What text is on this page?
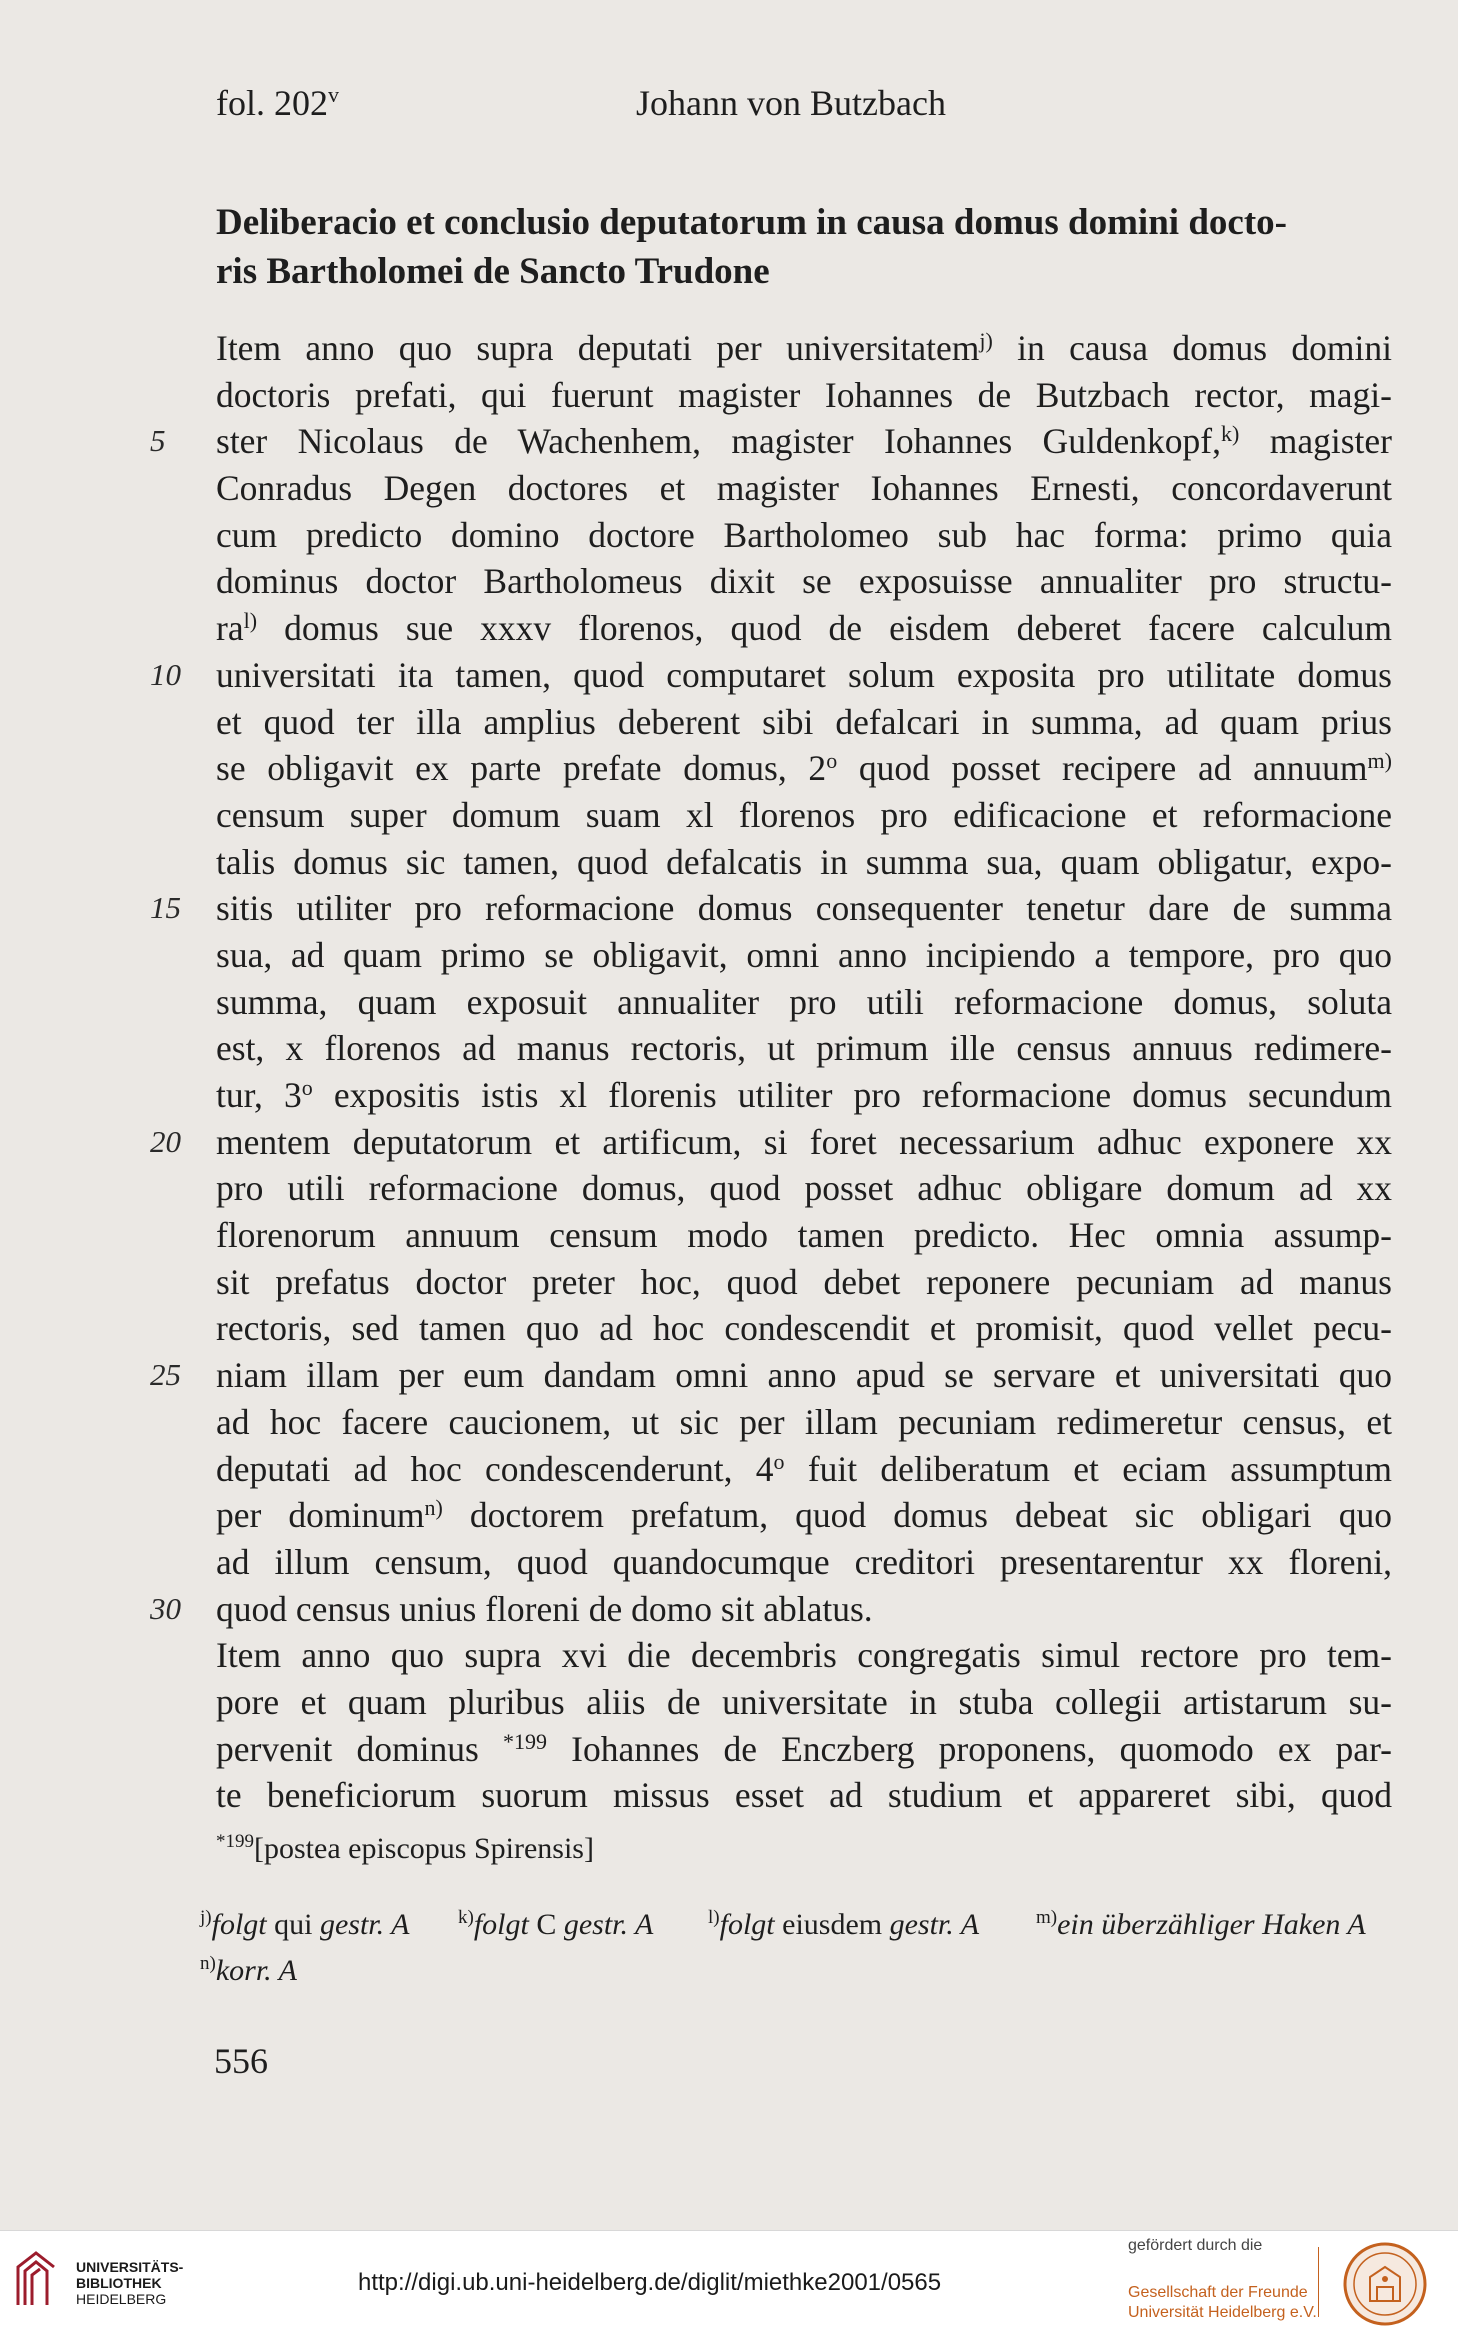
fol. 202$^v$	Johann von Butzbach
Deliberacio et conclusio deputatorum in causa domus domini docto-
ris Bartholomei de Sancto Trudone
Item anno quo supra deputati per universitatem$^{j)}$ in causa domus domini
doctoris prefati, qui fuerunt magister Iohannes de Butzbach rector, magi-
5 ster Nicolaus de Wachenhem, magister Iohannes Guldenkopf,$^{k)}$ magister
Conradus Degen doctores et magister Iohannes Ernesti, concordaverunt
cum predicto domino doctore Bartholomeo sub hac forma: primo quia
dominus doctor Bartholomeus dixit se exposuisse annualiter pro structu-
$ra^{l)}$ domus sue xxxv florenos, quod de eisdem deberet facere calculum
10 universitati ita tamen, quod computaret solum exposita pro utilitate domus
et quod ter illa amplius deberent sibi defalcari in summa, ad quam prius
se obligavit ex parte prefate domus, 2$^o$ quod posset recipere ad annuum$^{m)}$
censum super domum suam xl florenos pro edificacione et reformacione
talis domus sic tamen, quod defalcatis in summa sua, quam obligatur, expo-
15 sitis utiliter pro reformacione domus consequenter tenetur dare de summa
sua, ad quam primo se obligavit, omni anno incipiendo a tempore, pro quo
summa, quam exposuit annualiter pro utili reformacione domus, soluta
est, x florenos ad manus rectoris, ut primum ille census annuus redimere-
tur, 3$^o$ expositis istis xl florenis utiliter pro reformacione domus secundum
20 mentem deputatorum et artificum, si foret necessarium adhuc exponere xx
pro utili reformacione domus, quod posset adhuc obligare domum ad xx
florenorum annuum censum modo tamen predicto. Hec omnia assump-
sit prefatus doctor preter hoc, quod debet reponere pecuniam ad manus
rectoris, sed tamen quo ad hoc condescendit et promisit, quod vellet pecu-
25 niam illam per eum dandam omni anno apud se servare et universitati quo
ad hoc facere caucionem, ut sic per illam pecuniam redimeretur census, et
deputati ad hoc condescenderunt, 4$^o$ fuit deliberatum et eciam assumptum
per dominum$^{n)}$ doctorem prefatum, quod domus debeat sic obligari quo
ad illum censum, quod quandocumque creditori presentarentur xx floreni,
30 quod census unius floreni de domo sit ablatus.
Item anno quo supra xvi die decembris congregatis simul rectore pro tem-
pore et quam pluribus aliis de universitate in stuba collegii artistarum su-
pervenit dominus $^{*199}$ Iohannes de Enczberg proponens, quomodo ex par-
te beneficiorum suorum missus esset ad studium et appareret sibi, quod
$^{*199}$[postea episcopus Spirensis]
$^{j)}$folgt qui gestr. A	$^{k)}$folgt C gestr. A	$^{l)}$folgt eiusdem gestr. A	$^{m)}$ein überzähliger Haken A
$^{n)}$korr. A
556
UNIVERSITÄTS-
BIBLIOTHEK
HEIDELBERG
http://digi.ub.uni-heidelberg.de/diglit/miethke2001/0565
gefördert durch die
Gesellschaft der Freunde
Universität Heidelberg e.V.
